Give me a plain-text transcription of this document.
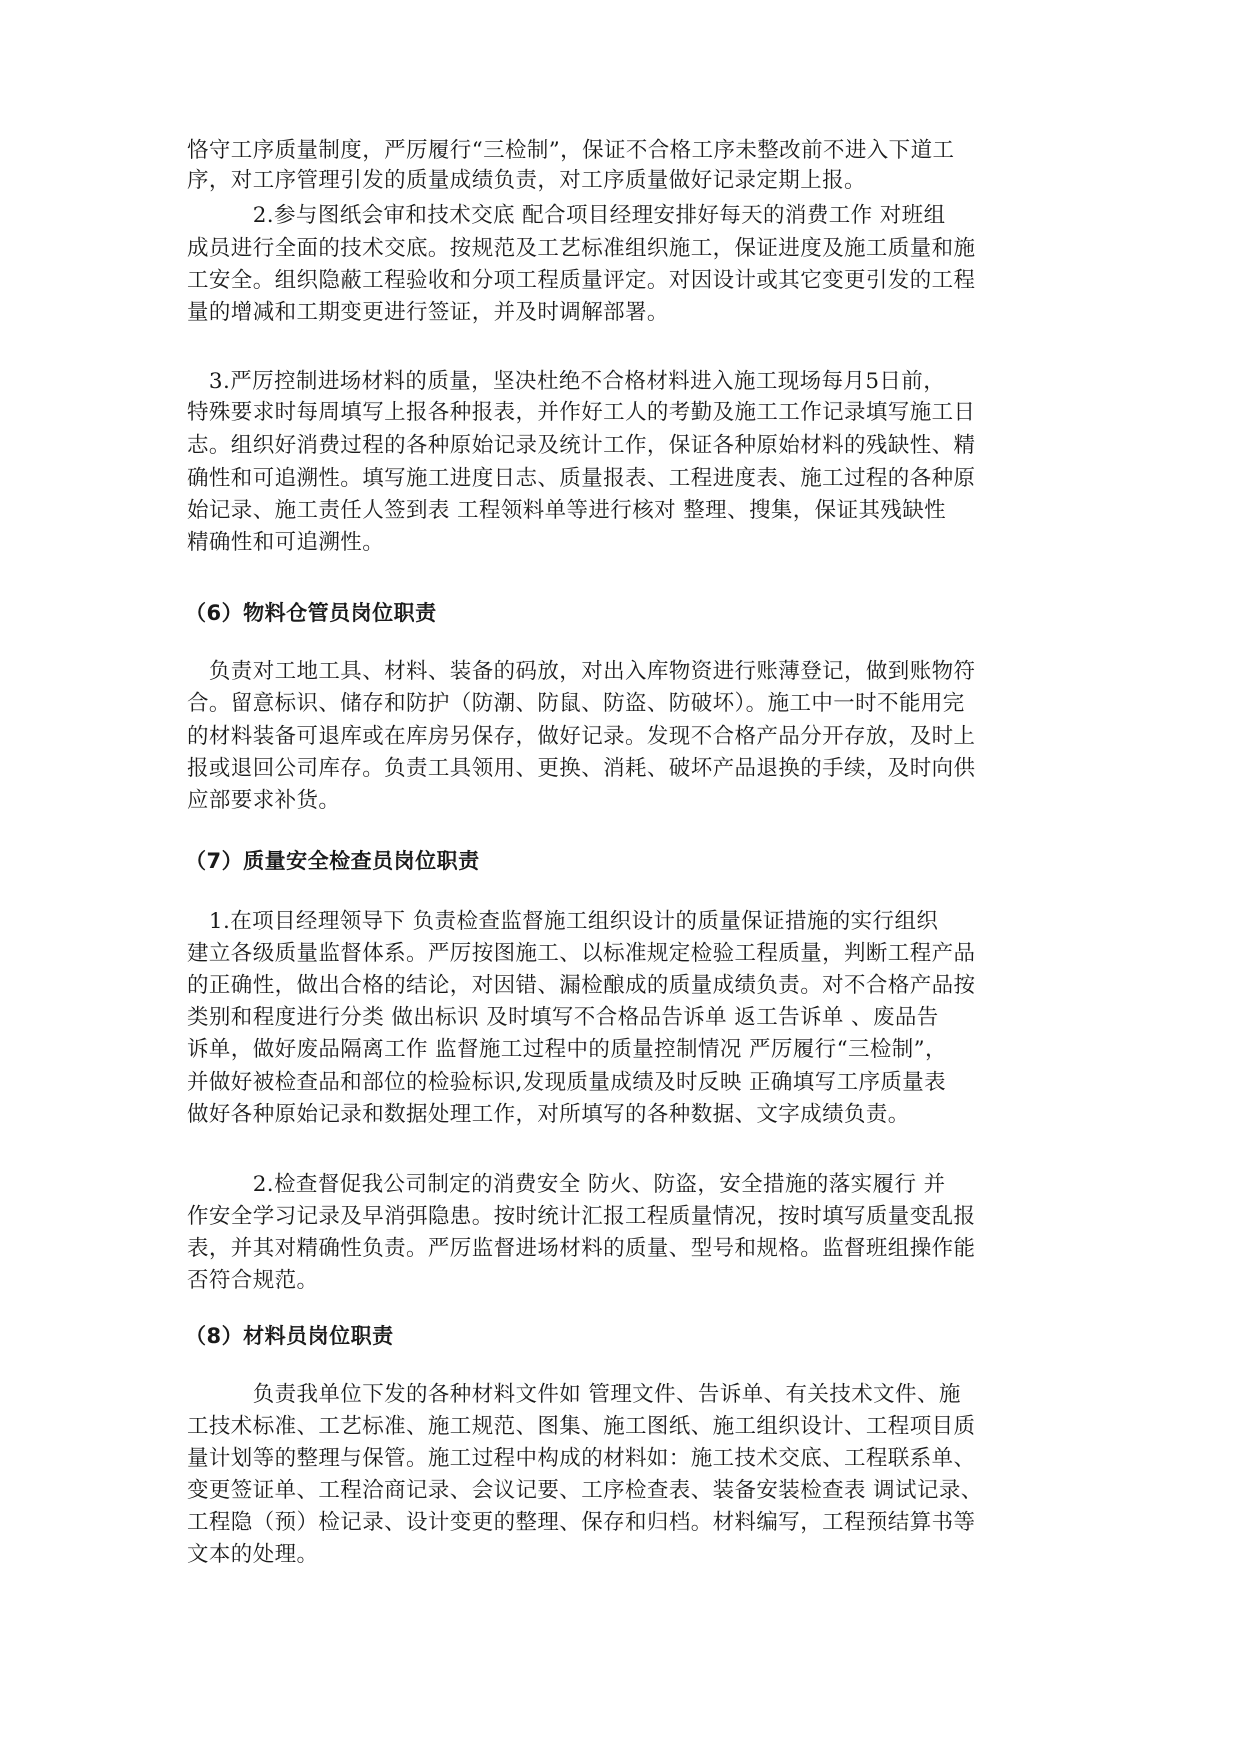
恪守工序质量制度，严厉履行“三检制”，保证不合格工序未整改前不进入下道工
序，对工序管理引发的质量成绩负责，对工序质量做好记录定期上报。
　　　2.参与图纸会审和技术交底 配合项目经理安排好每天的消费工作 对班组
成员进行全面的技术交底。按规范及工艺标准组织施工，保证进度及施工质量和施
工安全。组织隐蔽工程验收和分项工程质量评定。对因设计或其它变更引发的工程
量的增减和工期变更进行签证，并及时调解部署。
　3.严厉控制进场材料的质量，坚决杜绝不合格材料进入施工现场每月5日前，
特殊要求时每周填写上报各种报表，并作好工人的考勤及施工工作记录填写施工日
志。组织好消费过程的各种原始记录及统计工作，保证各种原始材料的残缺性、精
确性和可追溯性。填写施工进度日志、质量报表、工程进度表、施工过程的各种原
始记录、施工责任人签到表 工程领料单等进行核对 整理、搜集，保证其残缺性
精确性和可追溯性。
（6）物料仓管员岗位职责
　负责对工地工具、材料、装备的码放，对出入库物资进行账薄登记，做到账物符
合。留意标识、储存和防护（防潮、防鼠、防盗、防破坏）。施工中一时不能用完
的材料装备可退库或在库房另保存，做好记录。发现不合格产品分开存放，及时上
报或退回公司库存。负责工具领用、更换、消耗、破坏产品退换的手续，及时向供
应部要求补货。
（7）质量安全检查员岗位职责
　1.在项目经理领导下 负责检查监督施工组织设计的质量保证措施的实行组织
建立各级质量监督体系。严厉按图施工、以标准规定检验工程质量，判断工程产品
的正确性，做出合格的结论，对因错、漏检酿成的质量成绩负责。对不合格产品按
类别和程度进行分类 做出标识 及时填写不合格品告诉单 返工告诉单 、废品告
诉单，做好废品隔离工作 监督施工过程中的质量控制情况 严厉履行“三检制”，
并做好被检查品和部位的检验标识,发现质量成绩及时反映 正确填写工序质量表
做好各种原始记录和数据处理工作，对所填写的各种数据、文字成绩负责。
　　　2.检查督促我公司制定的消费安全 防火、防盗，安全措施的落实履行 并
作安全学习记录及早消弭隐患。按时统计汇报工程质量情况，按时填写质量变乱报
表，并其对精确性负责。严厉监督进场材料的质量、型号和规格。监督班组操作能
否符合规范。
（8）材料员岗位职责
　　　负责我单位下发的各种材料文件如 管理文件、告诉单、有关技术文件、施
工技术标准、工艺标准、施工规范、图集、施工图纸、施工组织设计、工程项目质
量计划等的整理与保管。施工过程中构成的材料如：施工技术交底、工程联系单、
变更签证单、工程洽商记录、会议记要、工序检查表、装备安装检查表 调试记录、
工程隐（预）检记录、设计变更的整理、保存和归档。材料编写，工程预结算书等
文本的处理。
